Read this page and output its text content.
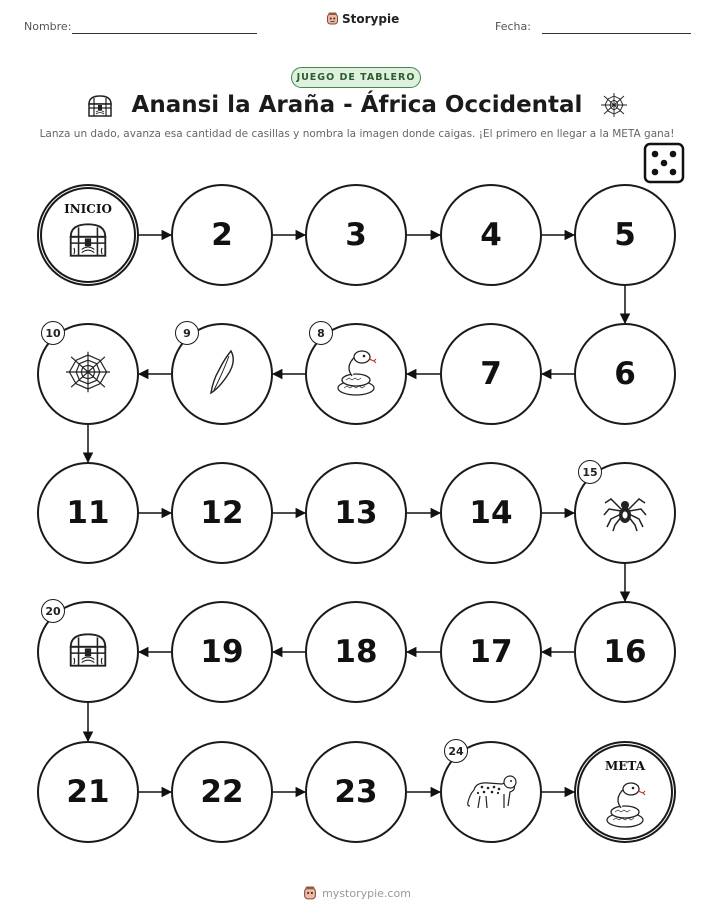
Nombre:
Storypie
Fecha:
JUEGO DE TABLERO
Anansi la Araña - África Occidental
Lanza un dado, avanza esa cantidad de casillas y nombra la imagen donde caigas. ¡El primero en llegar a la META gana!
INICIO
2	3	4	5
6
7
8
9
10
11	12	13	14
15
16
17
18
19
20
21	22	23
24
META
mystorypie.com
